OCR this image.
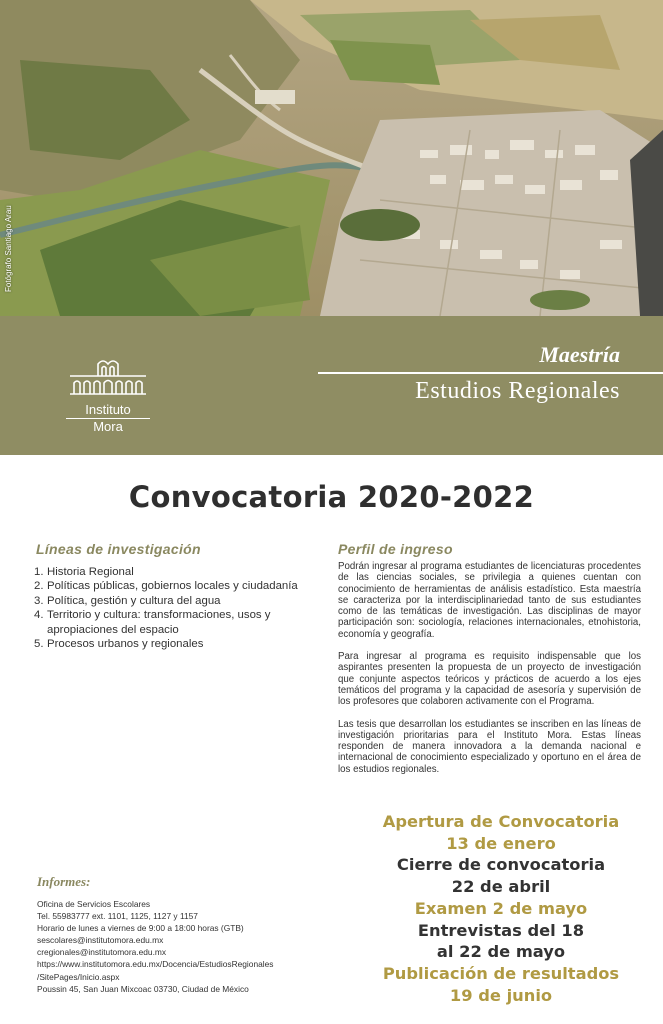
Fotógrafo Santiago Arau
Instituto
Mora
Maestría
Estudios Regionales
Convocatoria 2020-2022
Líneas de investigación
1. Historia Regional
2. Políticas públicas, gobiernos locales y ciudadanía
3. Política, gestión y cultura del agua
4. Territorio y cultura: transformaciones, usos y apropiaciones del espacio
5. Procesos urbanos y regionales
Perfil de ingreso

Podrán ingresar al programa estudiantes de licenciaturas procedentes de las ciencias sociales, se privilegia a quienes cuentan con conocimiento de herramientas de análisis estadístico. Esta maestría se caracteriza por la interdisciplinariedad tanto de sus estudiantes como de las temáticas de investigación. Las disciplinas de mayor participación son: sociología, relaciones internacionales, etnohistoria, economía y geografía.

Para ingresar al programa es requisito indispensable que los aspirantes presenten la propuesta de un proyecto de investigación que conjunte aspectos teóricos y prácticos de acuerdo a los ejes temáticos del programa y la capacidad de asesoría y supervisión de los profesores que colaboren activamente con el Programa.

Las tesis que desarrollan los estudiantes se inscriben en las líneas de investigación prioritarias para el Instituto Mora. Estas líneas responden de manera innovadora a la demanda nacional e internacional de conocimiento especializado y oportuno en el área de los estudios regionales.

Apertura de Convocatoria
13 de enero
Cierre de convocatoria
22 de abril
Examen 2 de mayo
Entrevistas del 18
al 22 de mayo
Publicación de resultados
19 de junio
Informes:
Oficina de Servicios Escolares
Tel. 55983777 ext. 1101, 1125, 1127 y 1157
Horario de lunes a viernes de 9:00 a 18:00 horas (GTB)
sescolares@institutomora.edu.mx
cregionales@institutomora.edu.mx
https://www.institutomora.edu.mx/Docencia/EstudiosRegionales
/SitePages/Inicio.aspx
Poussin 45, San Juan Mixcoac 03730, Ciudad de México
